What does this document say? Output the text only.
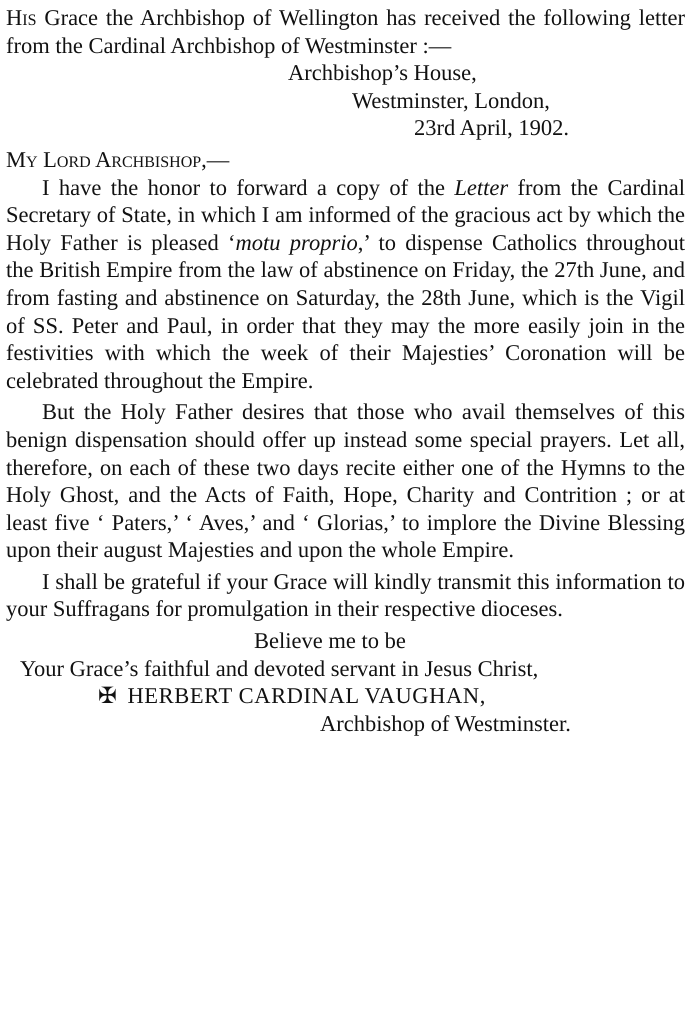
His Grace the Archbishop of Wellington has received the following letter from the Cardinal Archbishop of Westminster :—

Archbishop’s House,
Westminster, London,
23rd April, 1902.

My Lord Archbishop,—

I have the honor to forward a copy of the Letter from the Cardinal Secretary of State, in which I am informed of the gracious act by which the Holy Father is pleased ‘motu proprio,’ to dispense Catholics throughout the British Empire from the law of abstinence on Friday, the 27th June, and from fasting and abstinence on Saturday, the 28th June, which is the Vigil of SS. Peter and Paul, in order that they may the more easily join in the festivities with which the week of their Majesties’ Coronation will be celebrated throughout the Empire.

But the Holy Father desires that those who avail themselves of this benign dispensation should offer up instead some special prayers. Let all, therefore, on each of these two days recite either one of the Hymns to the Holy Ghost, and the Acts of Faith, Hope, Charity and Contrition ; or at least five ‘ Paters,’ ‘ Aves,’ and ‘ Glorias,’ to implore the Divine Blessing upon their august Majesties and upon the whole Empire.

I shall be grateful if your Grace will kindly transmit this information to your Suffragans for promulgation in their respective dioceses.

Believe me to be
Your Grace’s faithful and devoted servant in Jesus Christ,
✠ HERBERT CARDINAL VAUGHAN,
Archbishop of Westminster.
